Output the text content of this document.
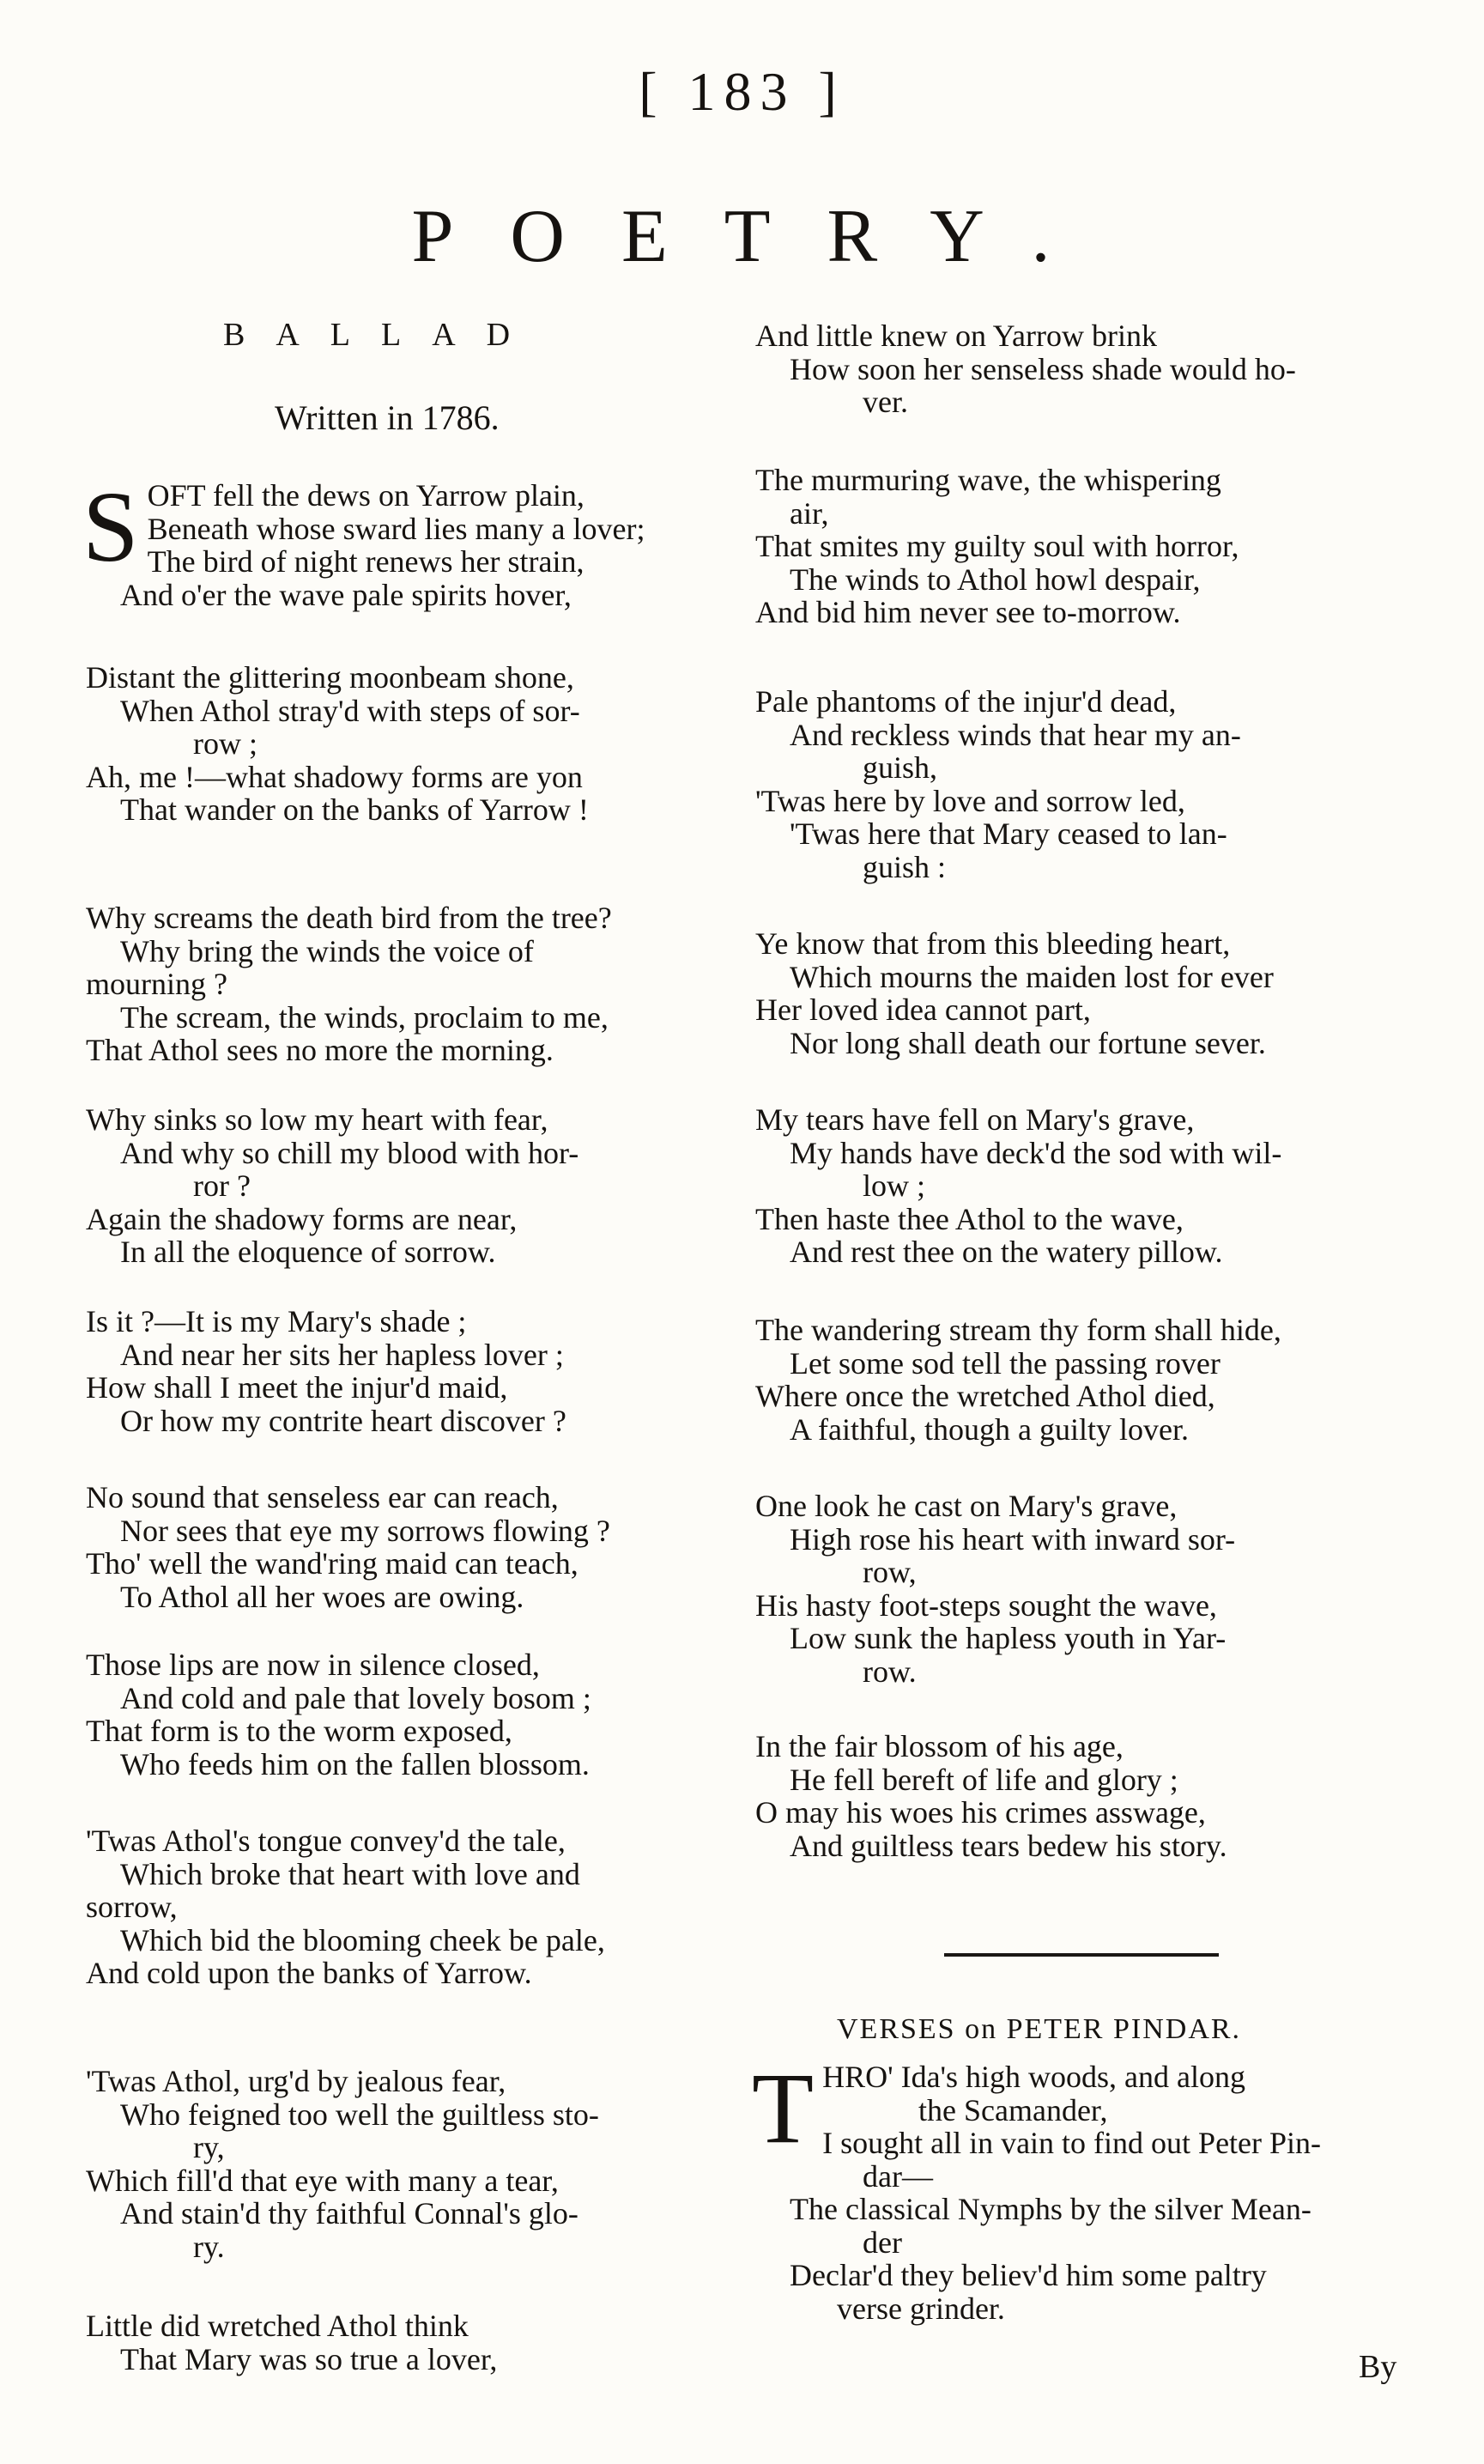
[ 183 ]
POETRY.
BALLAD
Written in 1786.
S OFT fell the dews on Yarrow plain,
Beneath whose sward lies many a lover;
The bird of night renews her strain,
And o'er the wave pale spirits hover,
Distant the glittering moonbeam shone,
When Athol stray'd with steps of sor-
row ;
Ah, me !—what shadowy forms are yon
That wander on the banks of Yarrow !
Why screams the death bird from the tree?
Why bring the winds the voice of
mourning ?
The scream, the winds, proclaim to me,
That Athol sees no more the morning.
Why sinks so low my heart with fear,
And why so chill my blood with hor-
ror ?
Again the shadowy forms are near,
In all the eloquence of sorrow.
Is it ?—It is my Mary's shade ;
And near her sits her hapless lover ;
How shall I meet the injur'd maid,
Or how my contrite heart discover ?
No sound that senseless ear can reach,
Nor sees that eye my sorrows flowing ?
Tho' well the wand'ring maid can teach,
To Athol all her woes are owing.
Those lips are now in silence closed,
And cold and pale that lovely bosom ;
That form is to the worm exposed,
Who feeds him on the fallen blossom.
'Twas Athol's tongue convey'd the tale,
Which broke that heart with love and
sorrow,
Which bid the blooming cheek be pale,
And cold upon the banks of Yarrow.
'Twas Athol, urg'd by jealous fear,
Who feigned too well the guiltless sto-
ry,
Which fill'd that eye with many a tear,
And stain'd thy faithful Connal's glo-
ry.
Little did wretched Athol think
That Mary was so true a lover,
And little knew on Yarrow brink
How soon her senseless shade would ho-
ver.
The murmuring wave, the whispering
air,
That smites my guilty soul with horror,
The winds to Athol howl despair,
And bid him never see to-morrow.
Pale phantoms of the injur'd dead,
And reckless winds that hear my an-
guish,
'Twas here by love and sorrow led,
'Twas here that Mary ceased to lan-
guish :
Ye know that from this bleeding heart,
Which mourns the maiden lost for ever
Her loved idea cannot part,
Nor long shall death our fortune sever.
My tears have fell on Mary's grave,
My hands have deck'd the sod with wil-
low ;
Then haste thee Athol to the wave,
And rest thee on the watery pillow.
The wandering stream thy form shall hide,
Let some sod tell the passing rover
Where once the wretched Athol died,
A faithful, though a guilty lover.
One look he cast on Mary's grave,
High rose his heart with inward sor-
row,
His hasty foot-steps sought the wave,
Low sunk the hapless youth in Yar-
row.
In the fair blossom of his age,
He fell bereft of life and glory ;
O may his woes his crimes asswage,
And guiltless tears bedew his story.
VERSES on PETER PINDAR.
T HRO' Ida's high woods, and along
the Scamander,
I sought all in vain to find out Peter Pin-
dar—
The classical Nymphs by the silver Mean-
der
Declar'd they believ'd him some paltry
verse grinder.
By
